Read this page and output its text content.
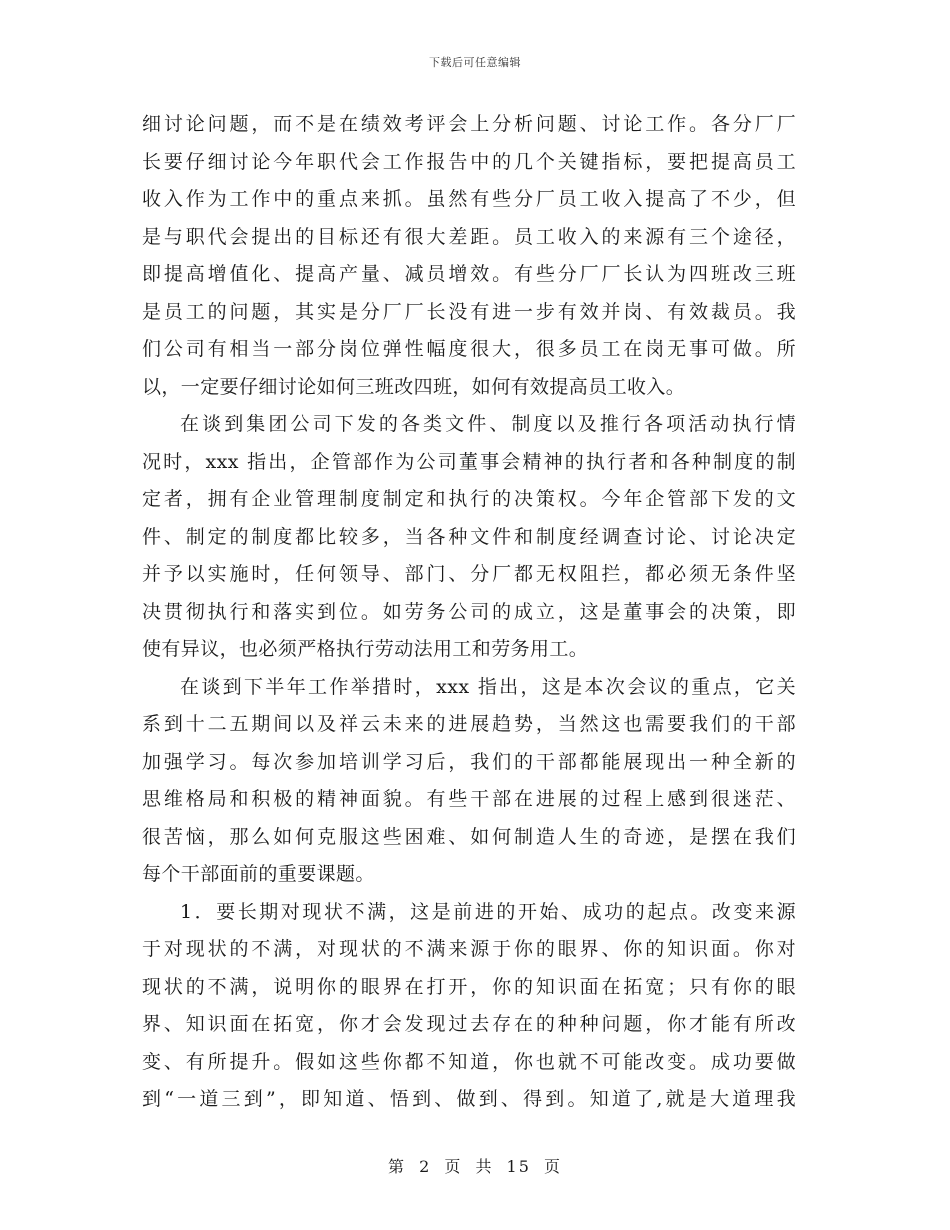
下载后可任意编辑
细讨论问题，而不是在绩效考评会上分析问题、讨论工作。各分厂厂
长要仔细讨论今年职代会工作报告中的几个关键指标，要把提高员工
收入作为工作中的重点来抓。虽然有些分厂员工收入提高了不少，但
是与职代会提出的目标还有很大差距。员工收入的来源有三个途径，
即提高增值化、提高产量、减员增效。有些分厂厂长认为四班改三班
是员工的问题，其实是分厂厂长没有进一步有效并岗、有效裁员。我
们公司有相当一部分岗位弹性幅度很大，很多员工在岗无事可做。所
以，一定要仔细讨论如何三班改四班，如何有效提高员工收入。
在谈到集团公司下发的各类文件、制度以及推行各项活动执行情
况时，xxx 指出，企管部作为公司董事会精神的执行者和各种制度的制
定者，拥有企业管理制度制定和执行的决策权。今年企管部下发的文
件、制定的制度都比较多，当各种文件和制度经调查讨论、讨论决定
并予以实施时，任何领导、部门、分厂都无权阻拦，都必须无条件坚
决贯彻执行和落实到位。如劳务公司的成立，这是董事会的决策，即
使有异议，也必须严格执行劳动法用工和劳务用工。
在谈到下半年工作举措时，xxx 指出，这是本次会议的重点，它关
系到十二五期间以及祥云未来的进展趋势，当然这也需要我们的干部
加强学习。每次参加培训学习后，我们的干部都能展现出一种全新的
思维格局和积极的精神面貌。有些干部在进展的过程上感到很迷茫、
很苦恼，那么如何克服这些困难、如何制造人生的奇迹，是摆在我们
每个干部面前的重要课题。
1．要长期对现状不满，这是前进的开始、成功的起点。改变来源
于对现状的不满，对现状的不满来源于你的眼界、你的知识面。你对
现状的不满，说明你的眼界在打开，你的知识面在拓宽；只有你的眼
界、知识面在拓宽，你才会发现过去存在的种种问题，你才能有所改
变、有所提升。假如这些你都不知道，你也就不可能改变。成功要做
到“一道三到”，即知道、悟到、做到、得到。知道了,就是大道理我
第 2 页 共 15 页
